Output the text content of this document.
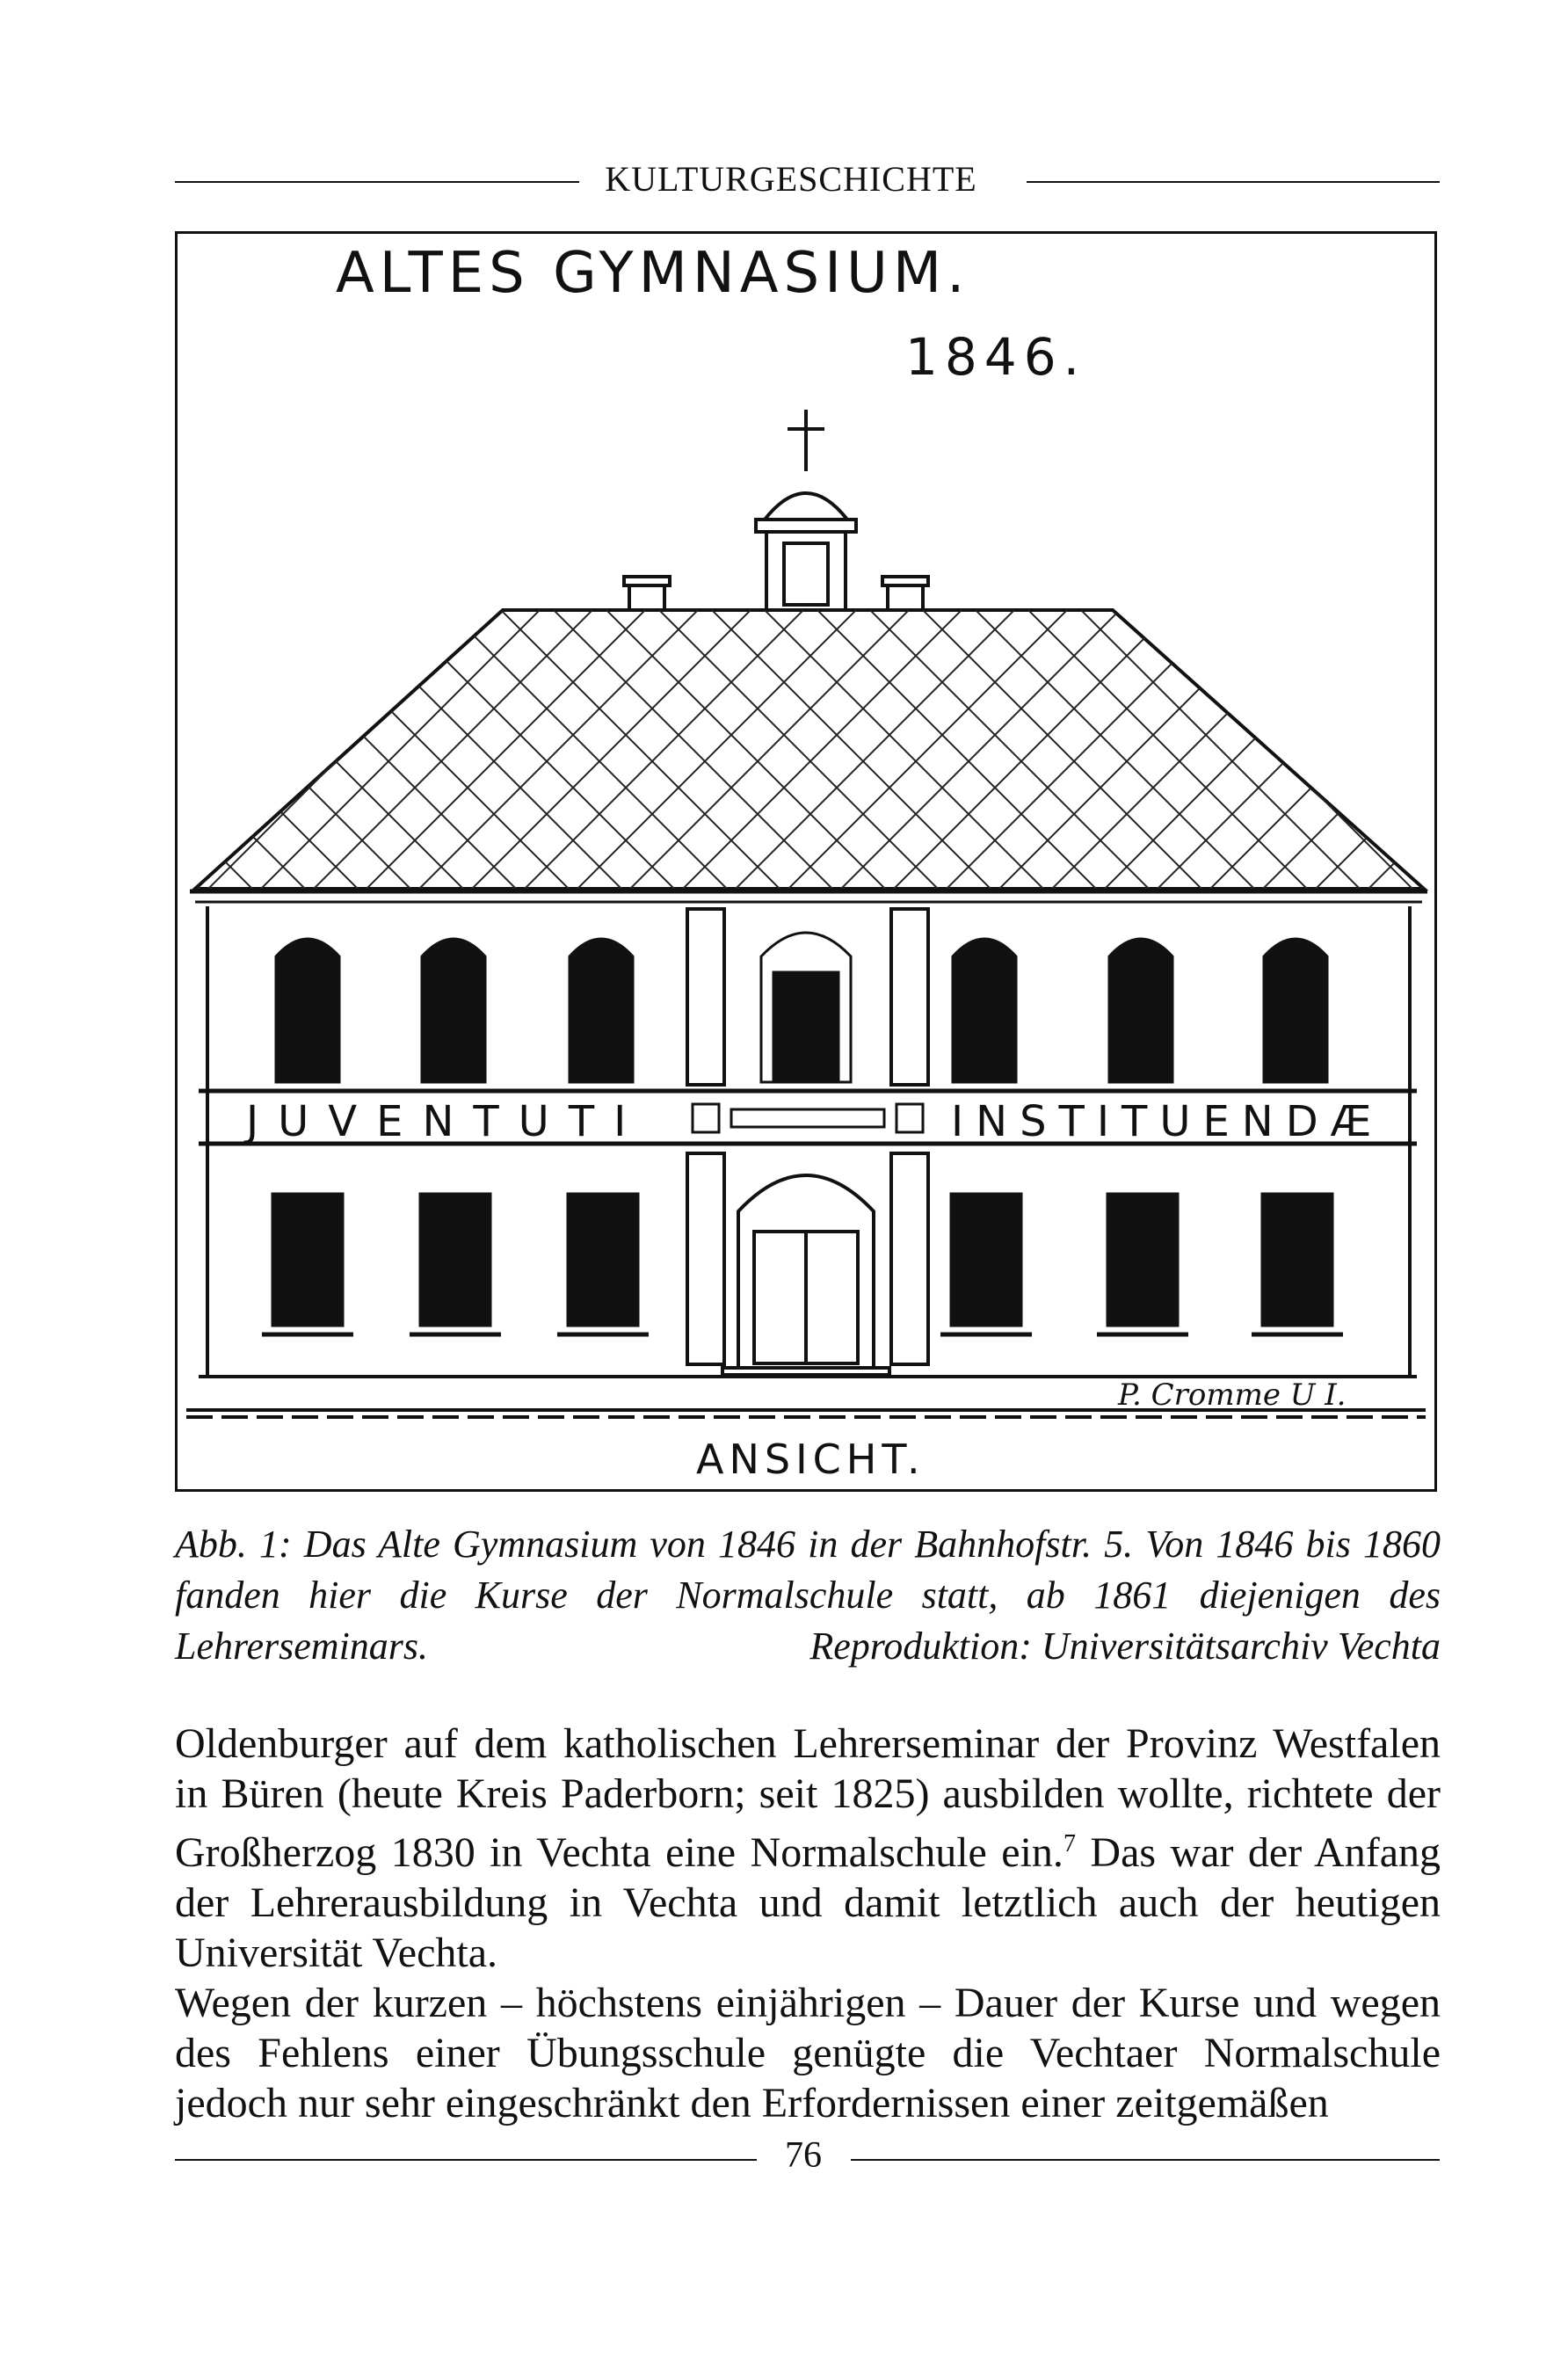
KULTURGESCHICHTE
ALTES GYMNASIUM.
1846.
JUVENTUTI	INSTITUENDÆ
P. Cromme U I.
ANSICHT.
Abb. 1: Das Alte Gymnasium von 1846 in der Bahnhofstr. 5. Von 1846 bis 1860 fanden hier die Kurse der Normalschule statt, ab 1861 diejenigen des Lehrerseminars.	Reproduktion: Universitätsarchiv Vechta

Oldenburger auf dem katholischen Lehrerseminar der Provinz Westfalen in Büren (heute Kreis Paderborn; seit 1825) ausbilden wollte, richtete der Großherzog 1830 in Vechta eine Normalschule ein.$^7$ Das war der Anfang der Lehrerausbildung in Vechta und damit letztlich auch der heutigen Universität Vechta.

Wegen der kurzen – höchstens einjährigen – Dauer der Kurse und wegen des Fehlens einer Übungsschule genügte die Vechtaer Normalschule jedoch nur sehr eingeschränkt den Erfordernissen einer zeitgemäßen

76
